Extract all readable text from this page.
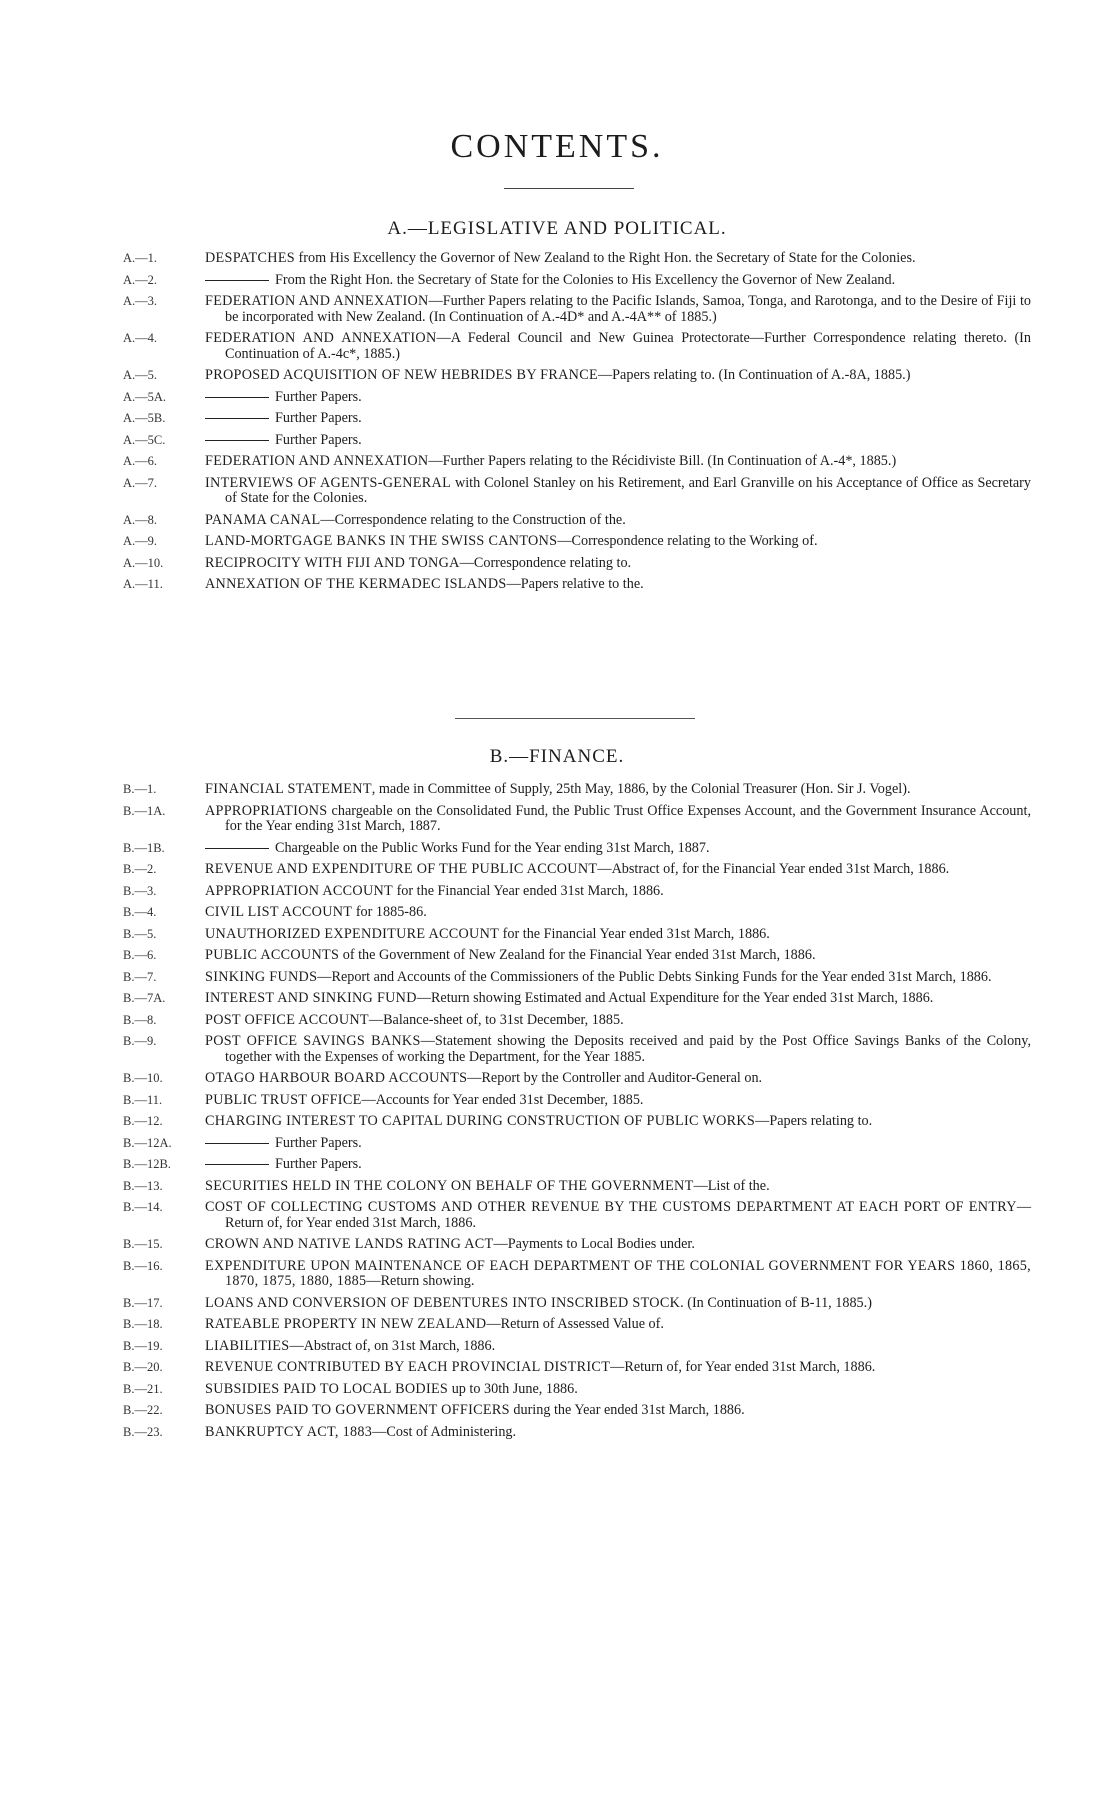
CONTENTS.
A.—LEGISLATIVE AND POLITICAL.
A.—1.	DESPATCHES from His Excellency the Governor of New Zealand to the Right Hon. the Secretary of State for the Colonies.
A.—2.	From the Right Hon. the Secretary of State for the Colonies to His Excellency the Governor of New Zealand.
A.—3.	FEDERATION AND ANNEXATION—Further Papers relating to the Pacific Islands, Samoa, Tonga, and Rarotonga, and to the Desire of Fiji to be incorporated with New Zealand. (In Continuation of A.-4D* and A.-4A** of 1885.)
A.—4.	FEDERATION AND ANNEXATION—A Federal Council and New Guinea Protectorate—Further Correspondence relating thereto. (In Continuation of A.-4c*, 1885.)
A.—5.	PROPOSED ACQUISITION OF NEW HEBRIDES BY FRANCE—Papers relating to. (In Continuation of A.-8A, 1885.)
A.—5A.	Further Papers.
A.—5B.	Further Papers.
A.—5C.	Further Papers.
A.—6.	FEDERATION AND ANNEXATION—Further Papers relating to the Récidiviste Bill. (In Continuation of A.-4*, 1885.)
A.—7.	INTERVIEWS OF AGENTS-GENERAL with Colonel Stanley on his Retirement, and Earl Granville on his Acceptance of Office as Secretary of State for the Colonies.
A.—8.	PANAMA CANAL—Correspondence relating to the Construction of the.
A.—9.	LAND-MORTGAGE BANKS IN THE SWISS CANTONS—Correspondence relating to the Working of.
A.—10.	RECIPROCITY WITH FIJI AND TONGA—Correspondence relating to.
A.—11.	ANNEXATION OF THE KERMADEC ISLANDS—Papers relative to the.
B.—FINANCE.
B.—1.	FINANCIAL STATEMENT, made in Committee of Supply, 25th May, 1886, by the Colonial Treasurer (Hon. Sir J. Vogel).
B.—1A.	APPROPRIATIONS chargeable on the Consolidated Fund, the Public Trust Office Expenses Account, and the Government Insurance Account, for the Year ending 31st March, 1887.
B.—1B.	Chargeable on the Public Works Fund for the Year ending 31st March, 1887.
B.—2.	REVENUE AND EXPENDITURE OF THE PUBLIC ACCOUNT—Abstract of, for the Financial Year ended 31st March, 1886.
B.—3.	APPROPRIATION ACCOUNT for the Financial Year ended 31st March, 1886.
B.—4.	CIVIL LIST ACCOUNT for 1885-86.
B.—5.	UNAUTHORIZED EXPENDITURE ACCOUNT for the Financial Year ended 31st March, 1886.
B.—6.	PUBLIC ACCOUNTS of the Government of New Zealand for the Financial Year ended 31st March, 1886.
B.—7.	SINKING FUNDS—Report and Accounts of the Commissioners of the Public Debts Sinking Funds for the Year ended 31st March, 1886.
B.—7A.	INTEREST AND SINKING FUND—Return showing Estimated and Actual Expenditure for the Year ended 31st March, 1886.
B.—8.	POST OFFICE ACCOUNT—Balance-sheet of, to 31st December, 1885.
B.—9.	POST OFFICE SAVINGS BANKS—Statement showing the Deposits received and paid by the Post Office Savings Banks of the Colony, together with the Expenses of working the Department, for the Year 1885.
B.—10.	OTAGO HARBOUR BOARD ACCOUNTS—Report by the Controller and Auditor-General on.
B.—11.	PUBLIC TRUST OFFICE—Accounts for Year ended 31st December, 1885.
B.—12.	CHARGING INTEREST TO CAPITAL DURING CONSTRUCTION OF PUBLIC WORKS—Papers relating to.
B.—12A.	Further Papers.
B.—12B.	Further Papers.
B.—13.	SECURITIES HELD IN THE COLONY ON BEHALF OF THE GOVERNMENT—List of the.
B.—14.	COST OF COLLECTING CUSTOMS AND OTHER REVENUE BY THE CUSTOMS DEPARTMENT AT EACH PORT OF ENTRY—Return of, for Year ended 31st March, 1886.
B.—15.	CROWN AND NATIVE LANDS RATING ACT—Payments to Local Bodies under.
B.—16.	EXPENDITURE UPON MAINTENANCE OF EACH DEPARTMENT OF THE COLONIAL GOVERNMENT FOR YEARS 1860, 1865, 1870, 1875, 1880, 1885—Return showing.
B.—17.	LOANS AND CONVERSION OF DEBENTURES INTO INSCRIBED STOCK. (In Continuation of B-11, 1885.)
B.—18.	RATEABLE PROPERTY IN NEW ZEALAND—Return of Assessed Value of.
B.—19.	LIABILITIES—Abstract of, on 31st March, 1886.
B.—20.	REVENUE CONTRIBUTED BY EACH PROVINCIAL DISTRICT—Return of, for Year ended 31st March, 1886.
B.—21.	SUBSIDIES PAID TO LOCAL BODIES up to 30th June, 1886.
B.—22.	BONUSES PAID TO GOVERNMENT OFFICERS during the Year ended 31st March, 1886.
B.—23.	BANKRUPTCY ACT, 1883—Cost of Administering.
